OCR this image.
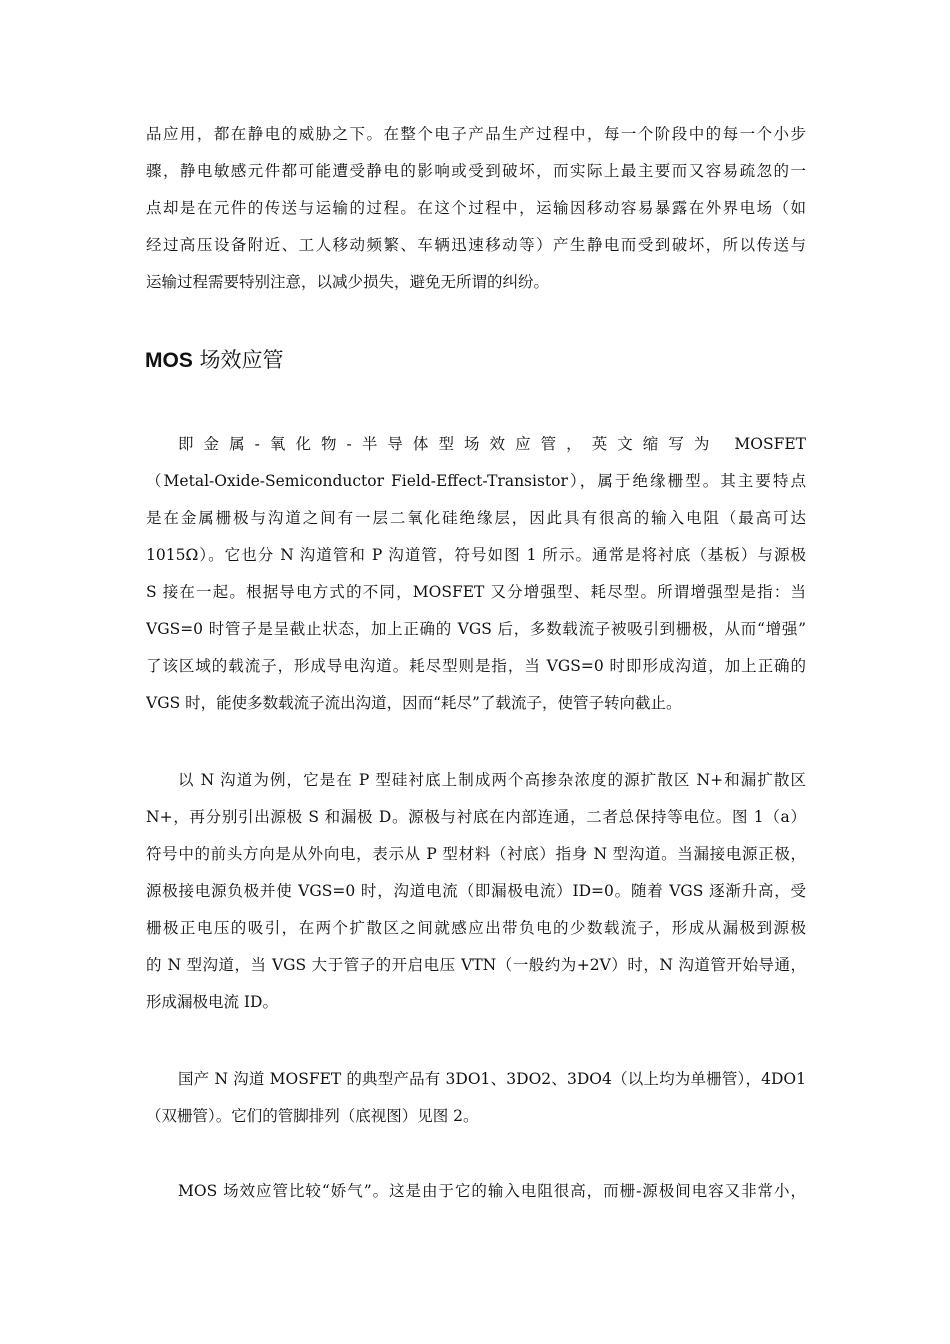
品应用，都在静电的威胁之下。在整个电子产品生产过程中，每一个阶段中的每一个小步
骤，静电敏感元件都可能遭受静电的影响或受到破坏，而实际上最主要而又容易疏忽的一
点却是在元件的传送与运输的过程。在这个过程中，运输因移动容易暴露在外界电场（如
经过高压设备附近、工人移动频繁、车辆迅速移动等）产生静电而受到破坏，所以传送与
运输过程需要特别注意，以减少损失，避免无所谓的纠纷。
MOS 场效应管
即金属-氧化物-半导体型场效应管，英文缩写为 MOSFET
（Metal-Oxide-Semiconductor Field-Effect-Transistor），属于绝缘栅型。其主要特点
是在金属栅极与沟道之间有一层二氧化硅绝缘层，因此具有很高的输入电阻（最高可达
1015Ω）。它也分 N 沟道管和 P 沟道管，符号如图 1 所示。通常是将衬底（基板）与源极
S 接在一起。根据导电方式的不同，MOSFET 又分增强型、耗尽型。所谓增强型是指：当
VGS=0 时管子是呈截止状态，加上正确的 VGS 后，多数载流子被吸引到栅极，从而“增强”
了该区域的载流子，形成导电沟道。耗尽型则是指，当 VGS=0 时即形成沟道，加上正确的
VGS 时，能使多数载流子流出沟道，因而“耗尽”了载流子，使管子转向截止。
以 N 沟道为例，它是在 P 型硅衬底上制成两个高掺杂浓度的源扩散区 N+和漏扩散区
N+，再分别引出源极 S 和漏极 D。源极与衬底在内部连通，二者总保持等电位。图 1（a）
符号中的前头方向是从外向电，表示从 P 型材料（衬底）指身 N 型沟道。当漏接电源正极，
源极接电源负极并使 VGS=0 时，沟道电流（即漏极电流）ID=0。随着 VGS 逐渐升高，受
栅极正电压的吸引，在两个扩散区之间就感应出带负电的少数载流子，形成从漏极到源极
的 N 型沟道，当 VGS 大于管子的开启电压 VTN（一般约为+2V）时，N 沟道管开始导通，
形成漏极电流 ID。
国产 N 沟道 MOSFET 的典型产品有 3DO1、3DO2、3DO4（以上均为单栅管），4DO1
（双栅管）。它们的管脚排列（底视图）见图 2。
MOS 场效应管比较“娇气”。这是由于它的输入电阻很高，而栅-源极间电容又非常小，
